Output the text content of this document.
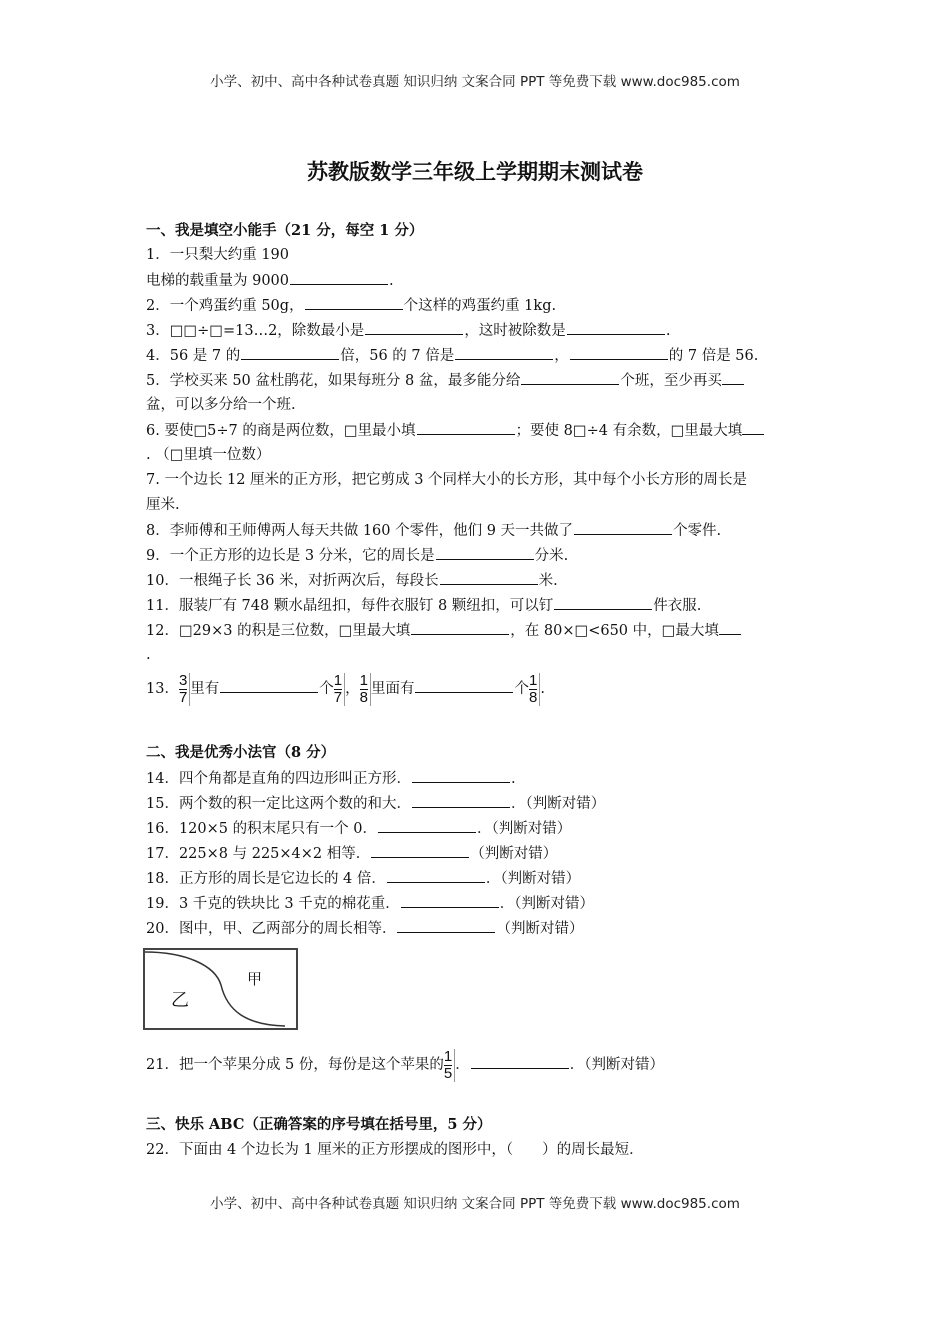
小学、初中、高中各种试卷真题 知识归纳 文案合同 PPT 等免费下载 www.doc985.com
苏教版数学三年级上学期期末测试卷
一、我是填空小能手（21 分，每空 1 分）
1．一只梨大约重 190
电梯的载重量为 9000	.
2．一个鸡蛋约重 50g，	个这样的鸡蛋约重 1kg.
3．□□÷□=13…2，除数最小是	，这时被除数是	.
4．56 是 7 的	倍，56 的 7 倍是	，	的 7 倍是 56.
5．学校买来 50 盆杜鹃花，如果每班分 8 盆，最多能分给	个班，至少再买
盆，可以多分给一个班.
6. 要使□5÷7 的商是两位数，□里最小填	；要使 8□÷4 有余数，□里最大填
. （□里填一位数）
7. 一个边长 12 厘米的正方形，把它剪成 3 个同样大小的长方形，其中每个小长方形的周长是
厘米.
8．李师傅和王师傅两人每天共做 160 个零件，他们 9 天一共做了	个零件.
9．一个正方形的边长是 3 分米，它的周长是	分米.
10．一根绳子长 36 米，对折两次后，每段长	米.
11．服装厂有 748 颗水晶纽扣，每件衣服钉 8 颗纽扣，可以钉	件衣服.
12．□29×3 的积是三位数，□里最大填	，在 80×□<650 中，□最大填
.
13． $\frac{3}{7}$ 里有	个 $\frac{1}{7}$ ， $\frac{1}{8}$ 里面有	个 $\frac{1}{8}$ .
二、我是优秀小法官（8 分）
14．四个角都是直角的四边形叫正方形．	.
15．两个数的积一定比这两个数的和大．	．（判断对错）
16．120×5 的积末尾只有一个 0．	．（判断对错）
17．225×8 与 225×4×2 相等．	（判断对错）
18．正方形的周长是它边长的 4 倍．	．（判断对错）
19．3 千克的铁块比 3 千克的棉花重．	．（判断对错）
20．图中，甲、乙两部分的周长相等．	（判断对错）
乙
甲
21．把一个苹果分成 5 份，每份是这个苹果的 $\frac{1}{5}$ ．	．（判断对错）
三、快乐 ABC（正确答案的序号填在括号里，5 分）
22．下面由 4 个边长为 1 厘米的正方形摆成的图形中，（　　）的周长最短．
小学、初中、高中各种试卷真题 知识归纳 文案合同 PPT 等免费下载 www.doc985.com
